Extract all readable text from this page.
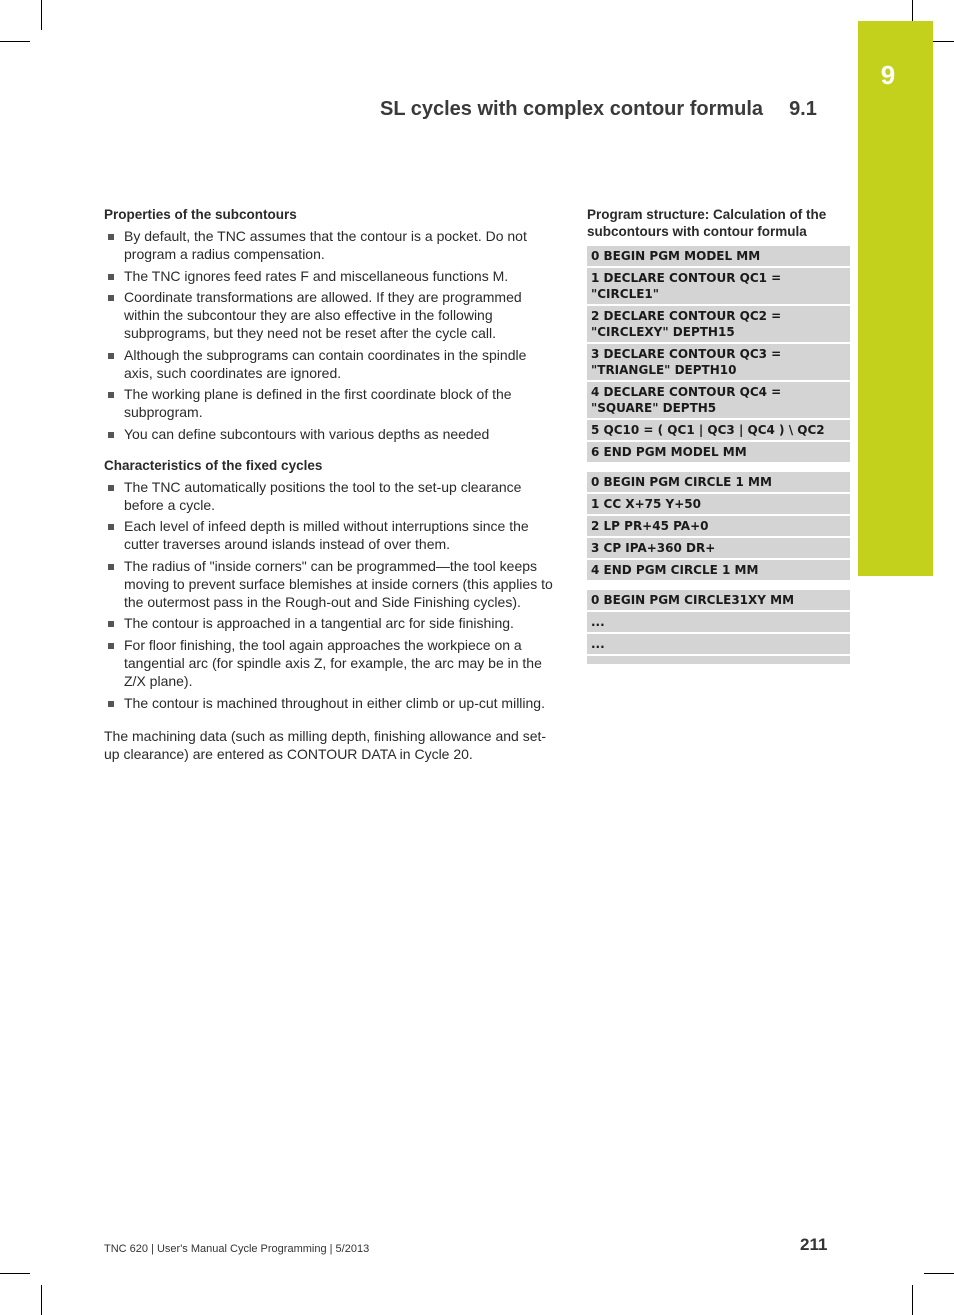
9
SL cycles with complex contour formula 9.1
Properties of the subcontours
By default, the TNC assumes that the contour is a pocket. Do not program a radius compensation.
The TNC ignores feed rates F and miscellaneous functions M.
Coordinate transformations are allowed. If they are programmed within the subcontour they are also effective in the following subprograms, but they need not be reset after the cycle call.
Although the subprograms can contain coordinates in the spindle axis, such coordinates are ignored.
The working plane is defined in the first coordinate block of the subprogram.
You can define subcontours with various depths as needed
Characteristics of the fixed cycles
The TNC automatically positions the tool to the set-up clearance before a cycle.
Each level of infeed depth is milled without interruptions since the cutter traverses around islands instead of over them.
The radius of "inside corners" can be programmed—the tool keeps moving to prevent surface blemishes at inside corners (this applies to the outermost pass in the Rough-out and Side Finishing cycles).
The contour is approached in a tangential arc for side finishing.
For floor finishing, the tool again approaches the workpiece on a tangential arc (for spindle axis Z, for example, the arc may be in the Z/X plane).
The contour is machined throughout in either climb or up-cut milling.
The machining data (such as milling depth, finishing allowance and set-up clearance) are entered as CONTOUR DATA in Cycle 20.
Program structure: Calculation of the subcontours with contour formula
0 BEGIN PGM MODEL MM
1 DECLARE CONTOUR QC1 = "CIRCLE1"
2 DECLARE CONTOUR QC2 = "CIRCLEXY" DEPTH15
3 DECLARE CONTOUR QC3 = "TRIANGLE" DEPTH10
4 DECLARE CONTOUR QC4 = "SQUARE" DEPTH5
5 QC10 = ( QC1 | QC3 | QC4 ) \ QC2
6 END PGM MODEL MM
0 BEGIN PGM CIRCLE 1 MM
1 CC X+75 Y+50
2 LP PR+45 PA+0
3 CP IPA+360 DR+
4 END PGM CIRCLE 1 MM
0 BEGIN PGM CIRCLE31XY MM
...
...
TNC 620 | User's Manual Cycle Programming | 5/2013	211
